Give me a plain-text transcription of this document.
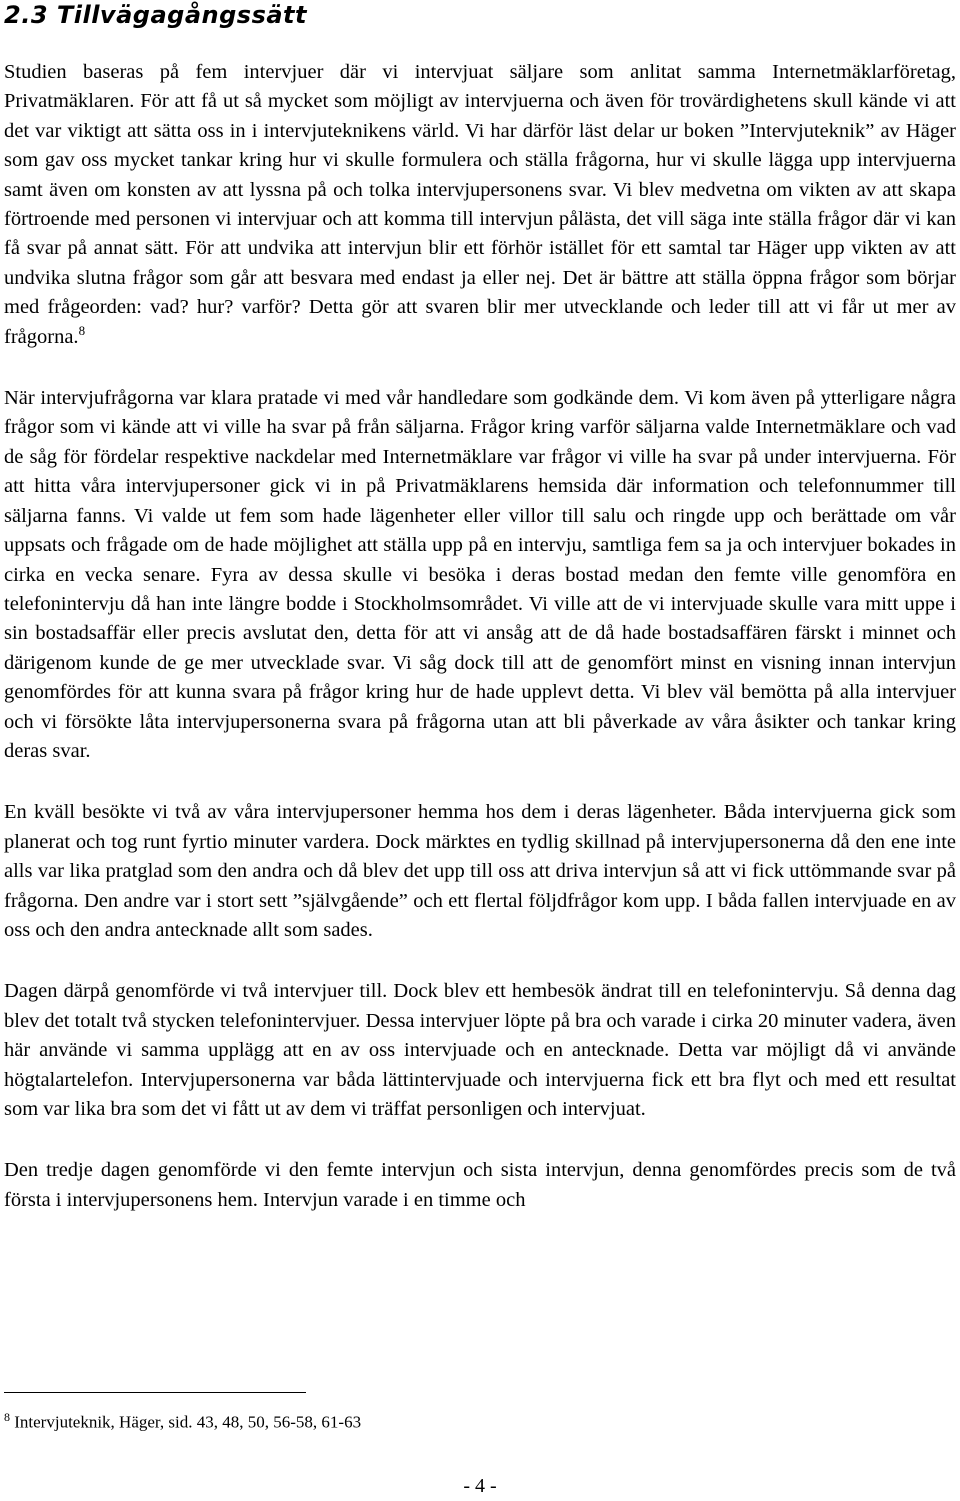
2.3 Tillvägagångssätt

Studien baseras på fem intervjuer där vi intervjuat säljare som anlitat samma Internetmäklarföretag, Privatmäklaren. För att få ut så mycket som möjligt av intervjuerna och även för trovärdighetens skull kände vi att det var viktigt att sätta oss in i intervjuteknikens värld. Vi har därför läst delar ur boken ”Intervjuteknik” av Häger som gav oss mycket tankar kring hur vi skulle formulera och ställa frågorna, hur vi skulle lägga upp intervjuerna samt även om konsten av att lyssna på och tolka intervjupersonens svar. Vi blev medvetna om vikten av att skapa förtroende med personen vi intervjuar och att komma till intervjun pålästa, det vill säga inte ställa frågor där vi kan få svar på annat sätt. För att undvika att intervjun blir ett förhör istället för ett samtal tar Häger upp vikten av att undvika slutna frågor som går att besvara med endast ja eller nej. Det är bättre att ställa öppna frågor som börjar med frågeorden: vad? hur? varför? Detta gör att svaren blir mer utvecklande och leder till att vi får ut mer av frågorna.$^8$

När intervjufrågorna var klara pratade vi med vår handledare som godkände dem. Vi kom även på ytterligare några frågor som vi kände att vi ville ha svar på från säljarna. Frågor kring varför säljarna valde Internetmäklare och vad de såg för fördelar respektive nackdelar med Internetmäklare var frågor vi ville ha svar på under intervjuerna. För att hitta våra intervjupersoner gick vi in på Privatmäklarens hemsida där information och telefonnummer till säljarna fanns. Vi valde ut fem som hade lägenheter eller villor till salu och ringde upp och berättade om vår uppsats och frågade om de hade möjlighet att ställa upp på en intervju, samtliga fem sa ja och intervjuer bokades in cirka en vecka senare. Fyra av dessa skulle vi besöka i deras bostad medan den femte ville genomföra en telefonintervju då han inte längre bodde i Stockholmsområdet. Vi ville att de vi intervjuade skulle vara mitt uppe i sin bostadsaffär eller precis avslutat den, detta för att vi ansåg att de då hade bostadsaffären färskt i minnet och därigenom kunde de ge mer utvecklade svar. Vi såg dock till att de genomfört minst en visning innan intervjun genomfördes för att kunna svara på frågor kring hur de hade upplevt detta. Vi blev väl bemötta på alla intervjuer och vi försökte låta intervjupersonerna svara på frågorna utan att bli påverkade av våra åsikter och tankar kring deras svar.

En kväll besökte vi två av våra intervjupersoner hemma hos dem i deras lägenheter. Båda intervjuerna gick som planerat och tog runt fyrtio minuter vardera. Dock märktes en tydlig skillnad på intervjupersonerna då den ene inte alls var lika pratglad som den andra och då blev det upp till oss att driva intervjun så att vi fick uttömmande svar på frågorna. Den andre var i stort sett ”självgående” och ett flertal följdfrågor kom upp. I båda fallen intervjuade en av oss och den andra antecknade allt som sades.

Dagen därpå genomförde vi två intervjuer till. Dock blev ett hembesök ändrat till en telefonintervju. Så denna dag blev det totalt två stycken telefonintervjuer. Dessa intervjuer löpte på bra och varade i cirka 20 minuter vadera, även här använde vi samma upplägg att en av oss intervjuade och en antecknade. Detta var möjligt då vi använde högtalartelefon. Intervjupersonerna var båda lättintervjuade och intervjuerna fick ett bra flyt och med ett resultat som var lika bra som det vi fått ut av dem vi träffat personligen och intervjuat.

Den tredje dagen genomförde vi den femte intervjun och sista intervjun, denna genomfördes precis som de två första i intervjupersonens hem. Intervjun varade i en timme och

$^8$ Intervjuteknik, Häger, sid. 43, 48, 50, 56-58, 61-63
- 4 -
